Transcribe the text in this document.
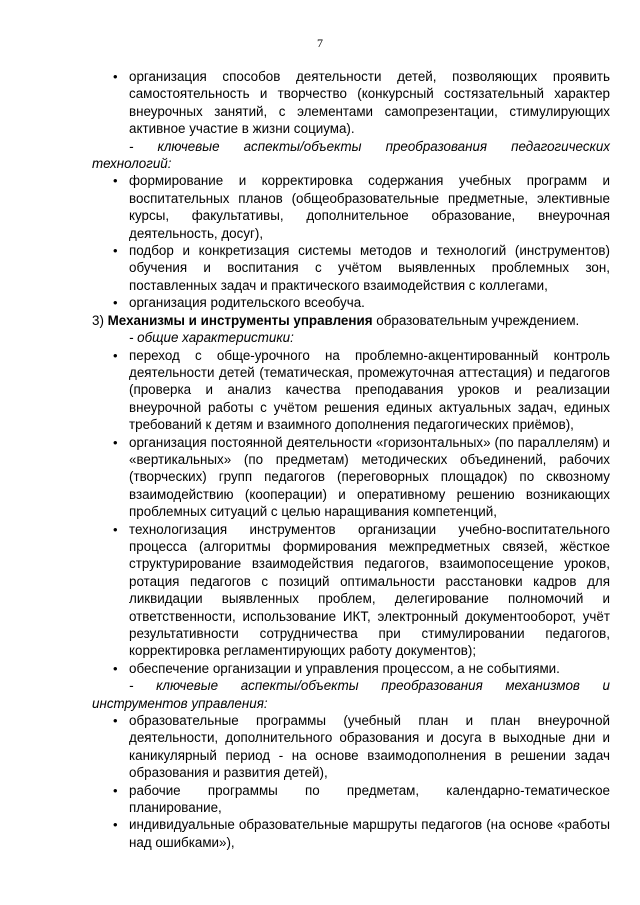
7
• организация способов деятельности детей, позволяющих проявить самостоятельность и творчество (конкурсный состязательный характер внеурочных занятий, с элементами самопрезентации, стимулирующих активное участие в жизни социума).
- ключевые аспекты/объекты преобразования педагогических технологий:
• формирование и корректировка содержания учебных программ и воспитательных планов (общеобразовательные предметные, элективные курсы, факультативы, дополнительное образование, внеурочная деятельность, досуг),
• подбор и конкретизация системы методов и технологий (инструментов) обучения и воспитания с учётом выявленных проблемных зон, поставленных задач и практического взаимодействия с коллегами,
• организация родительского всеобуча.
3) Механизмы и инструменты управления образовательным учреждением.
- общие характеристики:
• переход с обще-урочного на проблемно-акцентированный контроль деятельности детей (тематическая, промежуточная аттестация) и педагогов (проверка и анализ качества преподавания уроков и реализации внеурочной работы с учётом решения единых актуальных задач, единых требований к детям и взаимного дополнения педагогических приёмов),
• организация постоянной деятельности «горизонтальных» (по параллелям) и «вертикальных» (по предметам) методических объединений, рабочих (творческих) групп педагогов (переговорных площадок) по сквозному взаимодействию (кооперации) и оперативному решению возникающих проблемных ситуаций с целью наращивания компетенций,
• технологизация инструментов организации учебно-воспитательного процесса (алгоритмы формирования межпредметных связей, жёсткое структурирование взаимодействия педагогов, взаимопосещение уроков, ротация педагогов с позиций оптимальности расстановки кадров для ликвидации выявленных проблем, делегирование полномочий и ответственности, использование ИКТ, электронный документооборот, учёт результативности сотрудничества при стимулировании педагогов, корректировка регламентирующих работу документов);
• обеспечение организации и управления процессом, а не событиями.
- ключевые аспекты/объекты преобразования механизмов и инструментов управления:
• образовательные программы (учебный план и план внеурочной деятельности, дополнительного образования и досуга в выходные дни и каникулярный период - на основе взаимодополнения в решении задач образования и развития детей),
• рабочие программы по предметам, календарно-тематическое планирование,
• индивидуальные образовательные маршруты педагогов (на основе «работы над ошибками»),
